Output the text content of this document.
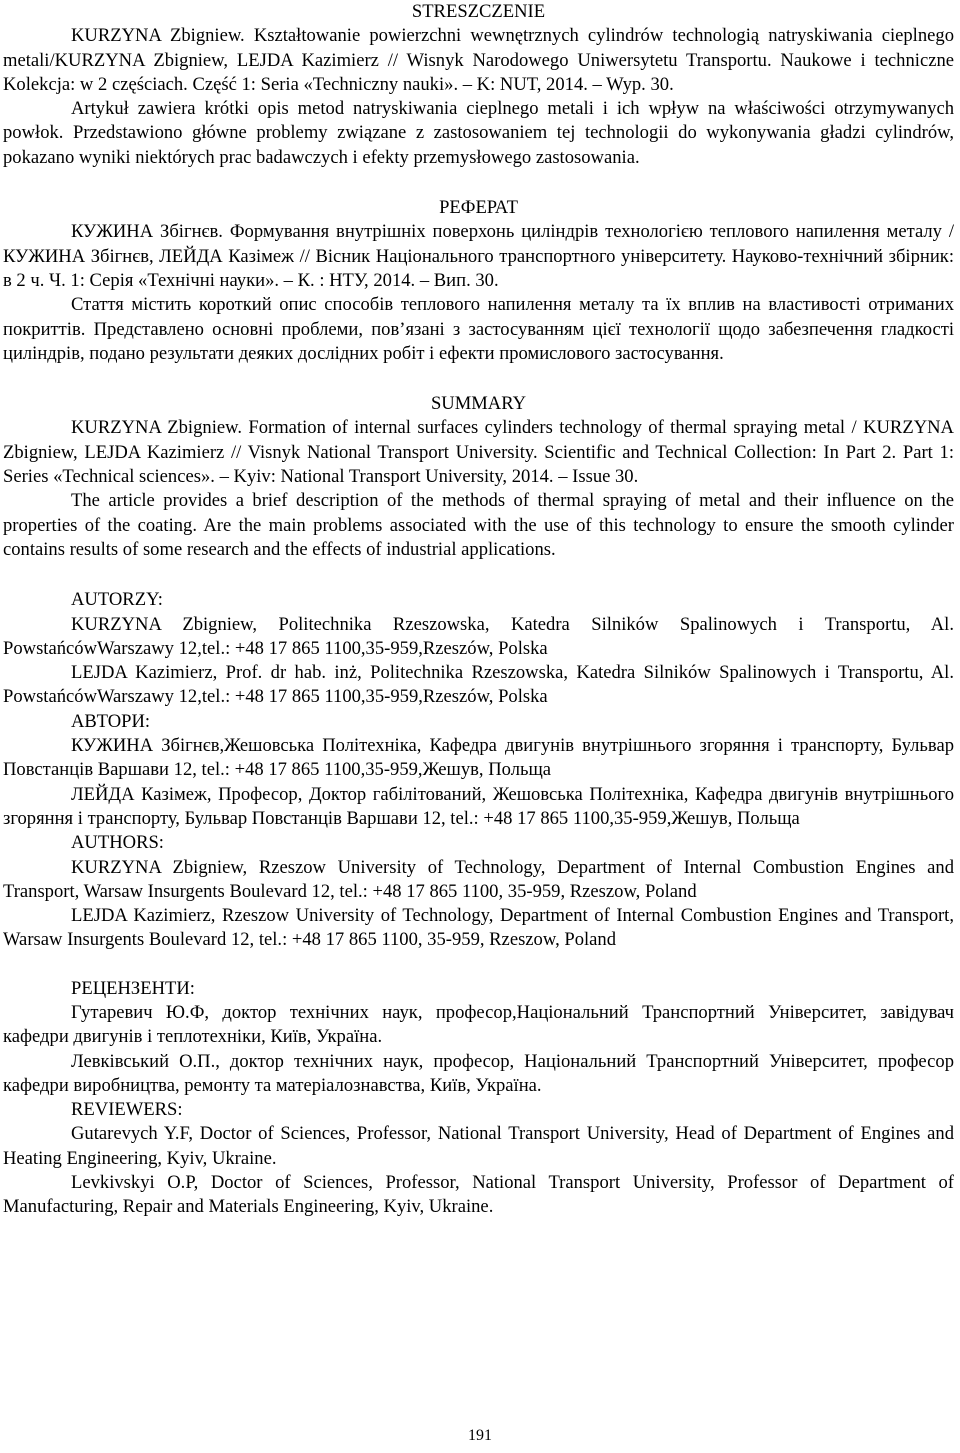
STRESZCZENIE

KURZYNA Zbigniew. Kształtowanie powierzchni wewnętrznych cylindrów technologią natryskiwania cieplnego metali/KURZYNA Zbigniew, LEJDA Kazimierz // Wisnyk Narodowego Uniwersytetu Transportu. Naukowe i techniczne Kolekcja: w 2 częściach. Część 1: Seria «Techniczny nauki». – K: NUT, 2014. – Wyp. 30.

Artykuł zawiera krótki opis metod natryskiwania cieplnego metali i ich wpływ na właściwości otrzymywanych powłok. Przedstawiono główne problemy związane z zastosowaniem tej technologii do wykonywania gładzi cylindrów, pokazano wyniki niektórych prac badawczych i efekty przemysłowego zastosowania.

РЕФЕРАТ

КУЖИНА Збігнєв. Формування внутрішніх поверхонь циліндрів технологією теплового напилення металу / КУЖИНА Збігнєв, ЛЕЙДА Казімеж // Вісник Національного транспортного університету. Науково-технічний збірник: в 2 ч. Ч. 1: Серія «Технічні науки». – К. : НТУ, 2014. – Вип. 30.

Стаття містить короткий опис способів теплового напилення металу та їх вплив на властивості отриманих покриттів. Представлено основні проблеми, пов’язані з застосуванням цієї технології щодо забезпечення гладкості циліндрів, подано результати деяких дослідних робіт і ефекти промислового застосування.

SUMMARY

KURZYNA Zbigniew. Formation of internal surfaces cylinders technology of thermal spraying metal / KURZYNA Zbigniew, LEJDA Kazimierz // Visnyk National Transport University. Scientific and Technical Collection: In Part 2. Part 1: Series «Technical sciences». – Kyiv: National Transport University, 2014. – Issue 30.

The article provides a brief description of the methods of thermal spraying of metal and their influence on the properties of the coating. Are the main problems associated with the use of this technology to ensure the smooth cylinder contains results of some research and the effects of industrial applications.

AUTORZY:

KURZYNA Zbigniew, Politechnika Rzeszowska, Katedra Silników Spalinowych i Transportu, Al. PowstańcówWarszawy 12,tel.: +48 17 865 1100,35-959,Rzeszów, Polska

LEJDA Kazimierz, Prof. dr hab. inż, Politechnika Rzeszowska, Katedra Silników Spalinowych i Transportu, Al. PowstańcówWarszawy 12,tel.: +48 17 865 1100,35-959,Rzeszów, Polska

АВТОРИ:

КУЖИНА Збігнєв,Жешовська Політехніка, Кафедра двигунів внутрішнього згоряння і транспорту, Бульвар Повстанців Варшави 12, tel.: +48 17 865 1100,35-959,Жешув, Польща

ЛЕЙДА Казімеж, Професор, Доктор габілітований, Жешовська Політехніка, Кафедра двигунів внутрішнього згоряння і транспорту, Бульвар Повстанців Варшави 12, tel.: +48 17 865 1100,35-959,Жешув, Польща

AUTHORS:

KURZYNA Zbigniew, Rzeszow University of Technology, Department of Internal Combustion Engines and Transport, Warsaw Insurgents Boulevard 12, tel.: +48 17 865 1100, 35-959, Rzeszow, Poland

LEJDA Kazimierz, Rzeszow University of Technology, Department of Internal Combustion Engines and Transport, Warsaw Insurgents Boulevard 12, tel.: +48 17 865 1100, 35-959, Rzeszow, Poland

РЕЦЕНЗЕНТИ:

Гутаревич Ю.Ф, доктор технічних наук, професор,Національний Транспортний Університет, завідувач кафедри двигунів і теплотехніки, Київ, Україна.

Левківський О.П., доктор технічних наук, професор, Національний Транспортний Університет, професор кафедри виробництва, ремонту та матеріалознавства, Київ, Україна.

REVIEWERS:

Gutarevych Y.F, Doctor of Sciences, Professor, National Transport University, Head of Department of Engines and Heating Engineering, Kyiv, Ukraine.

Levkivskyi O.P, Doctor of Sciences, Professor, National Transport University, Professor of Department of Manufacturing, Repair and Materials Engineering, Kyiv, Ukraine.

191
